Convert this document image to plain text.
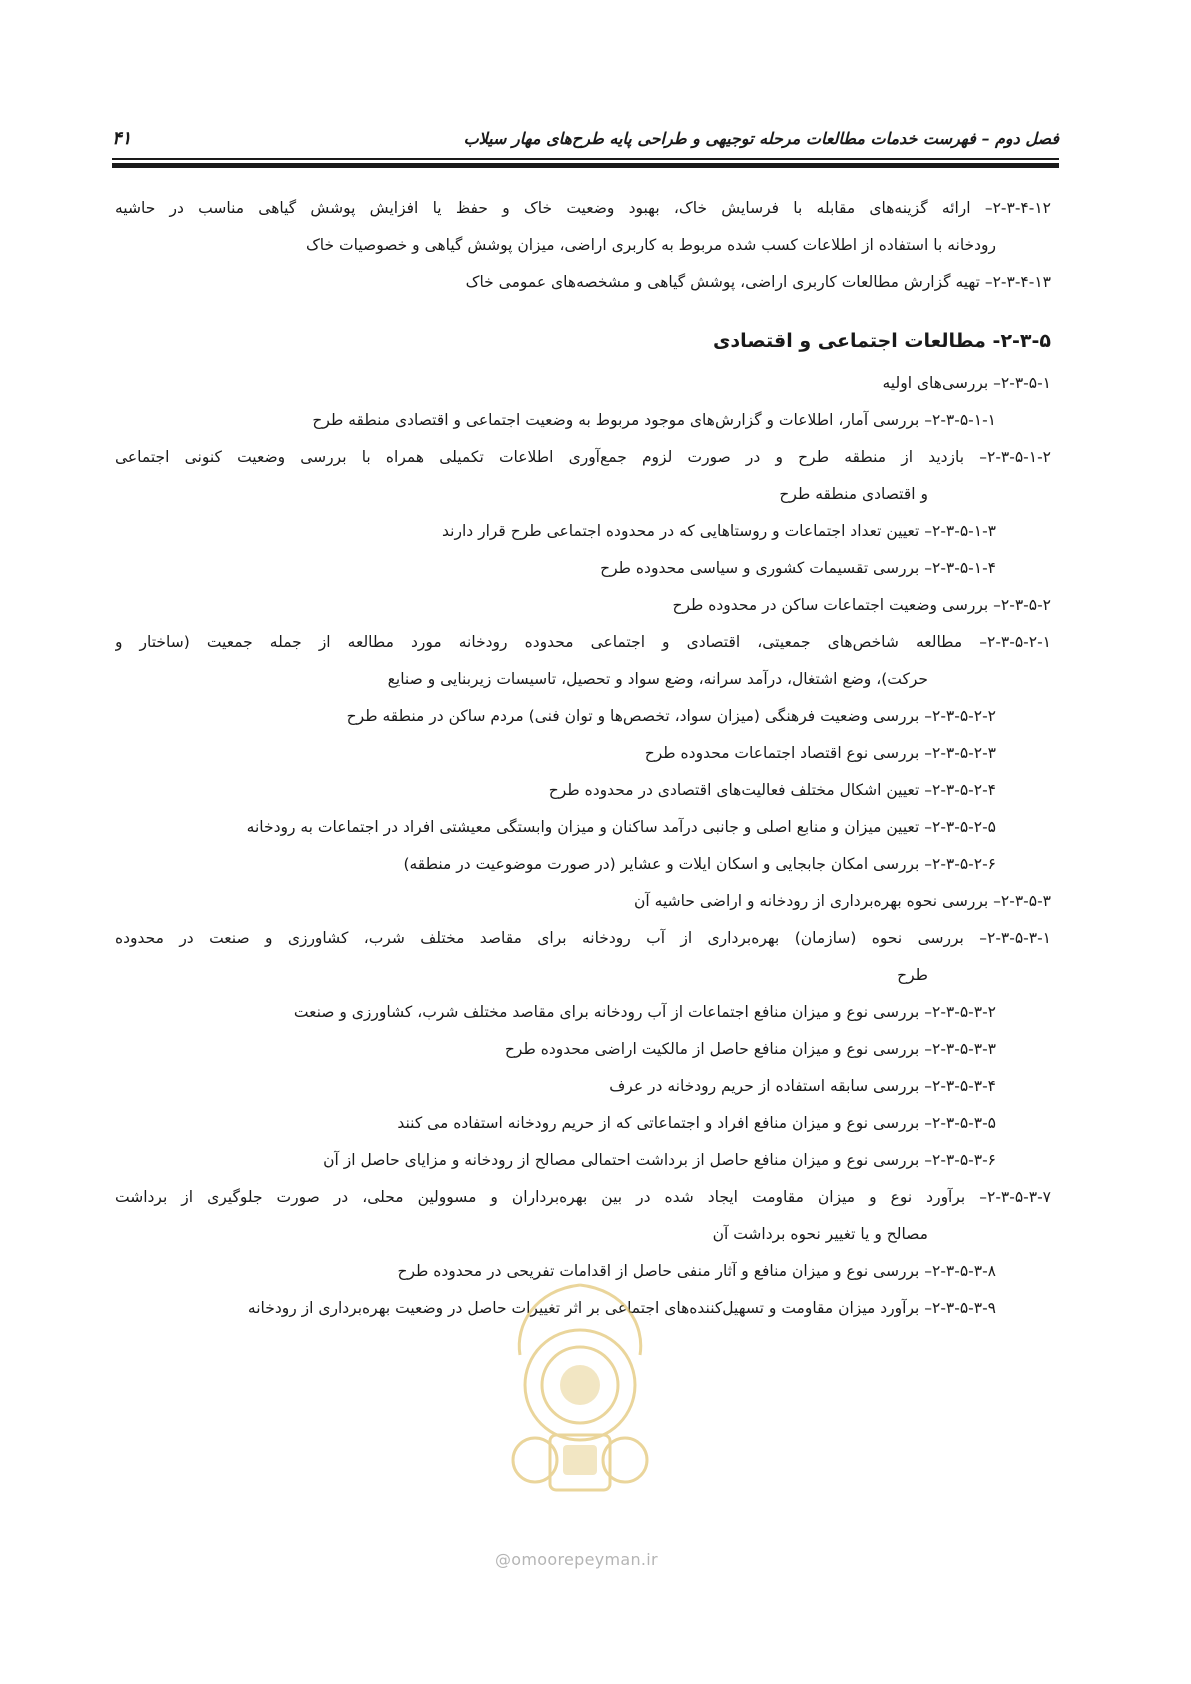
فصل دوم – فهرست خدمات مطالعات مرحله توجیهی و طراحی پایه طرح‌های مهار سیلاب
۴۱
۲-۳-۴-۱۲– ارائه گزینه‌های مقابله با فرسایش خاک، بهبود وضعیت خاک و حفظ یا افزایش پوشش گیاهی مناسب در حاشیه
رودخانه با استفاده از اطلاعات کسب شده مربوط به کاربری اراضی، میزان پوشش گیاهی و خصوصیات خاک
۲-۳-۴-۱۳– تهیه گزارش مطالعات کاربری اراضی، پوشش گیاهی و مشخصه‌های عمومی خاک
۲-۳-۵- مطالعات اجتماعی و اقتصادی
۲-۳-۵-۱– بررسی‌های اولیه
۲-۳-۵-۱-۱– بررسی آمار، اطلاعات و گزارش‌های موجود مربوط به وضعیت اجتماعی و اقتصادی منطقه طرح
۲-۳-۵-۱-۲– بازدید از منطقه طرح و در صورت لزوم جمع‌آوری اطلاعات تکمیلی همراه با بررسی وضعیت کنونی اجتماعی
و اقتصادی منطقه طرح
۲-۳-۵-۱-۳– تعیین تعداد اجتماعات و روستاهایی که در محدوده اجتماعی طرح قرار دارند
۲-۳-۵-۱-۴– بررسی تقسیمات کشوری و سیاسی محدوده طرح
۲-۳-۵-۲– بررسی وضعیت اجتماعات ساکن در محدوده طرح
۲-۳-۵-۲-۱– مطالعه شاخص‌های جمعیتی، اقتصادی و اجتماعی محدوده رودخانه مورد مطالعه از جمله جمعیت (ساختار و
حرکت)، وضع اشتغال، درآمد سرانه، وضع سواد و تحصیل، تاسیسات زیربنایی و صنایع
۲-۳-۵-۲-۲– بررسی وضعیت فرهنگی (میزان سواد، تخصص‌ها و توان فنی) مردم ساکن در منطقه طرح
۲-۳-۵-۲-۳– بررسی نوع اقتصاد اجتماعات محدوده طرح
۲-۳-۵-۲-۴– تعیین اشکال مختلف فعالیت‌های اقتصادی در محدوده طرح
۲-۳-۵-۲-۵– تعیین میزان و منابع اصلی و جانبی درآمد ساکنان و میزان وابستگی معیشتی افراد در اجتماعات به رودخانه
۲-۳-۵-۲-۶– بررسی امکان جابجایی و اسکان ایلات و عشایر (در صورت موضوعیت در منطقه)
۲-۳-۵-۳– بررسی نحوه بهره‌برداری از رودخانه و اراضی حاشیه آن
۲-۳-۵-۳-۱– بررسی نحوه (سازمان) بهره‌برداری از آب رودخانه برای مقاصد مختلف شرب، کشاورزی و صنعت در محدوده
طرح
۲-۳-۵-۳-۲– بررسی نوع و میزان منافع اجتماعات از آب رودخانه برای مقاصد مختلف شرب، کشاورزی و صنعت
۲-۳-۵-۳-۳– بررسی نوع و میزان منافع حاصل از مالکیت اراضی محدوده طرح
۲-۳-۵-۳-۴– بررسی سابقه استفاده از حریم رودخانه در عرف
۲-۳-۵-۳-۵– بررسی نوع و میزان منافع افراد و اجتماعاتی که از حریم رودخانه استفاده می کنند
۲-۳-۵-۳-۶– بررسی نوع و میزان منافع حاصل از برداشت احتمالی مصالح از رودخانه و مزایای حاصل از آن
۲-۳-۵-۳-۷– برآورد نوع و میزان مقاومت ایجاد شده در بین بهره‌برداران و مسوولین محلی، در صورت جلوگیری از برداشت
مصالح و یا تغییر نحوه برداشت آن
۲-۳-۵-۳-۸– بررسی نوع و میزان منافع و آثار منفی حاصل از اقدامات تفریحی در محدوده طرح
۲-۳-۵-۳-۹– برآورد میزان مقاومت و تسهیل‌کننده‌های اجتماعی بر اثر تغییرات حاصل در وضعیت بهره‌برداری از رودخانه
@omoorepeyman.ir
